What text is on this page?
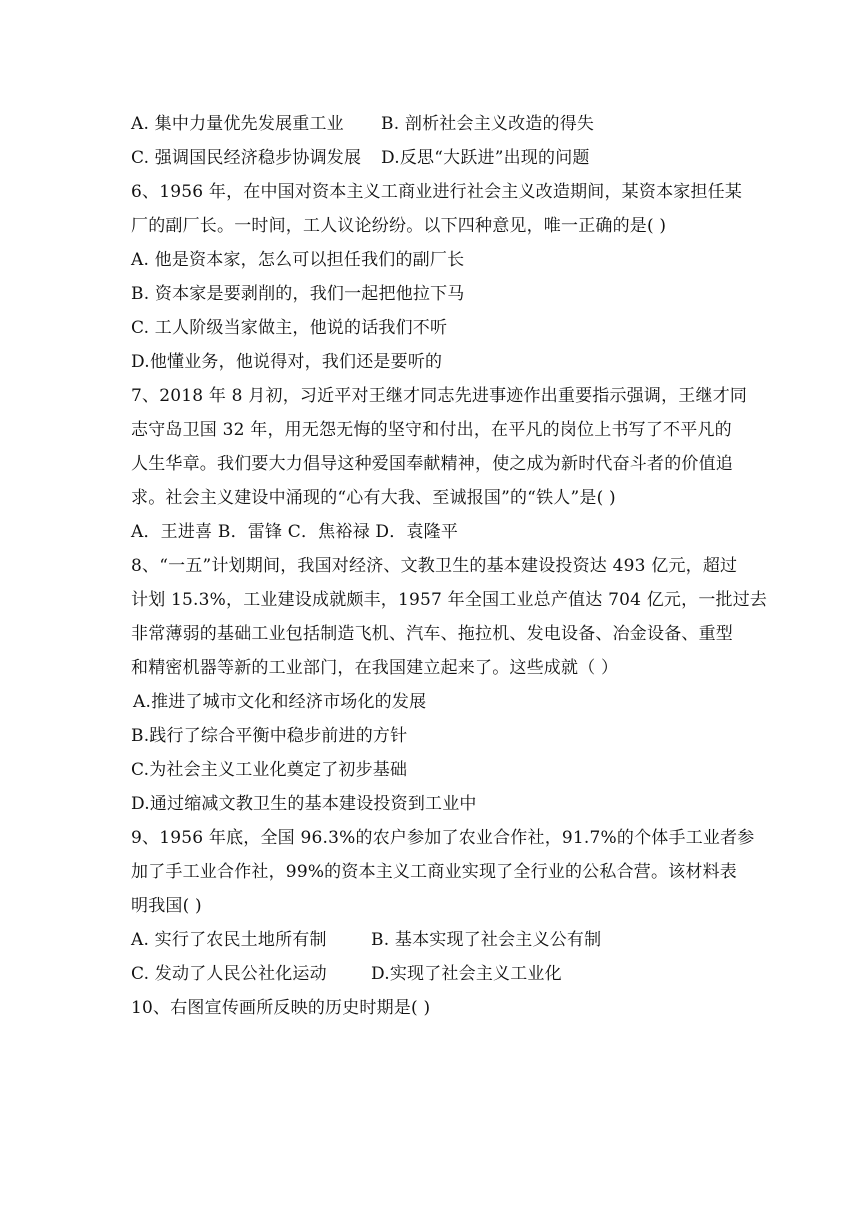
A. 集中力量优先发展重工业	B. 剖析社会主义改造的得失
C. 强调国民经济稳步协调发展	D.反思“大跃进”出现的问题
6、1956 年，在中国对资本主义工商业进行社会主义改造期间，某资本家担任某
厂的副厂长。一时间，工人议论纷纷。以下四种意见，唯一正确的是( )
A. 他是资本家，怎么可以担任我们的副厂长
B. 资本家是要剥削的，我们一起把他拉下马
C. 工人阶级当家做主，他说的话我们不听
D.他懂业务，他说得对，我们还是要听的
7、2018 年 8 月初，习近平对王继才同志先进事迹作出重要指示强调，王继才同
志守岛卫国 32 年，用无怨无悔的坚守和付出，在平凡的岗位上书写了不平凡的
人生华章。我们要大力倡导这种爱国奉献精神，使之成为新时代奋斗者的价值追
求。社会主义建设中涌现的“心有大我、至诚报国”的“铁人”是( )
A．王进喜 B．雷锋 C．焦裕禄 D．袁隆平
8、“一五”计划期间，我国对经济、文教卫生的基本建设投资达 493 亿元，超过
计划 15.3%，工业建设成就颇丰，1957 年全国工业总产值达 704 亿元，一批过去
非常薄弱的基础工业包括制造飞机、汽车、拖拉机、发电设备、冶金设备、重型
和精密机器等新的工业部门，在我国建立起来了。这些成就（ ）
A.推进了城市文化和经济市场化的发展
B.践行了综合平衡中稳步前进的方针
C.为社会主义工业化奠定了初步基础
D.通过缩减文教卫生的基本建设投资到工业中
9、1956 年底，全国 96.3%的农户参加了农业合作社，91.7%的个体手工业者参
加了手工业合作社，99%的资本主义工商业实现了全行业的公私合营。该材料表
明我国( )
A. 实行了农民土地所有制	B. 基本实现了社会主义公有制
C. 发动了人民公社化运动	D.实现了社会主义工业化
10、右图宣传画所反映的历史时期是( )
